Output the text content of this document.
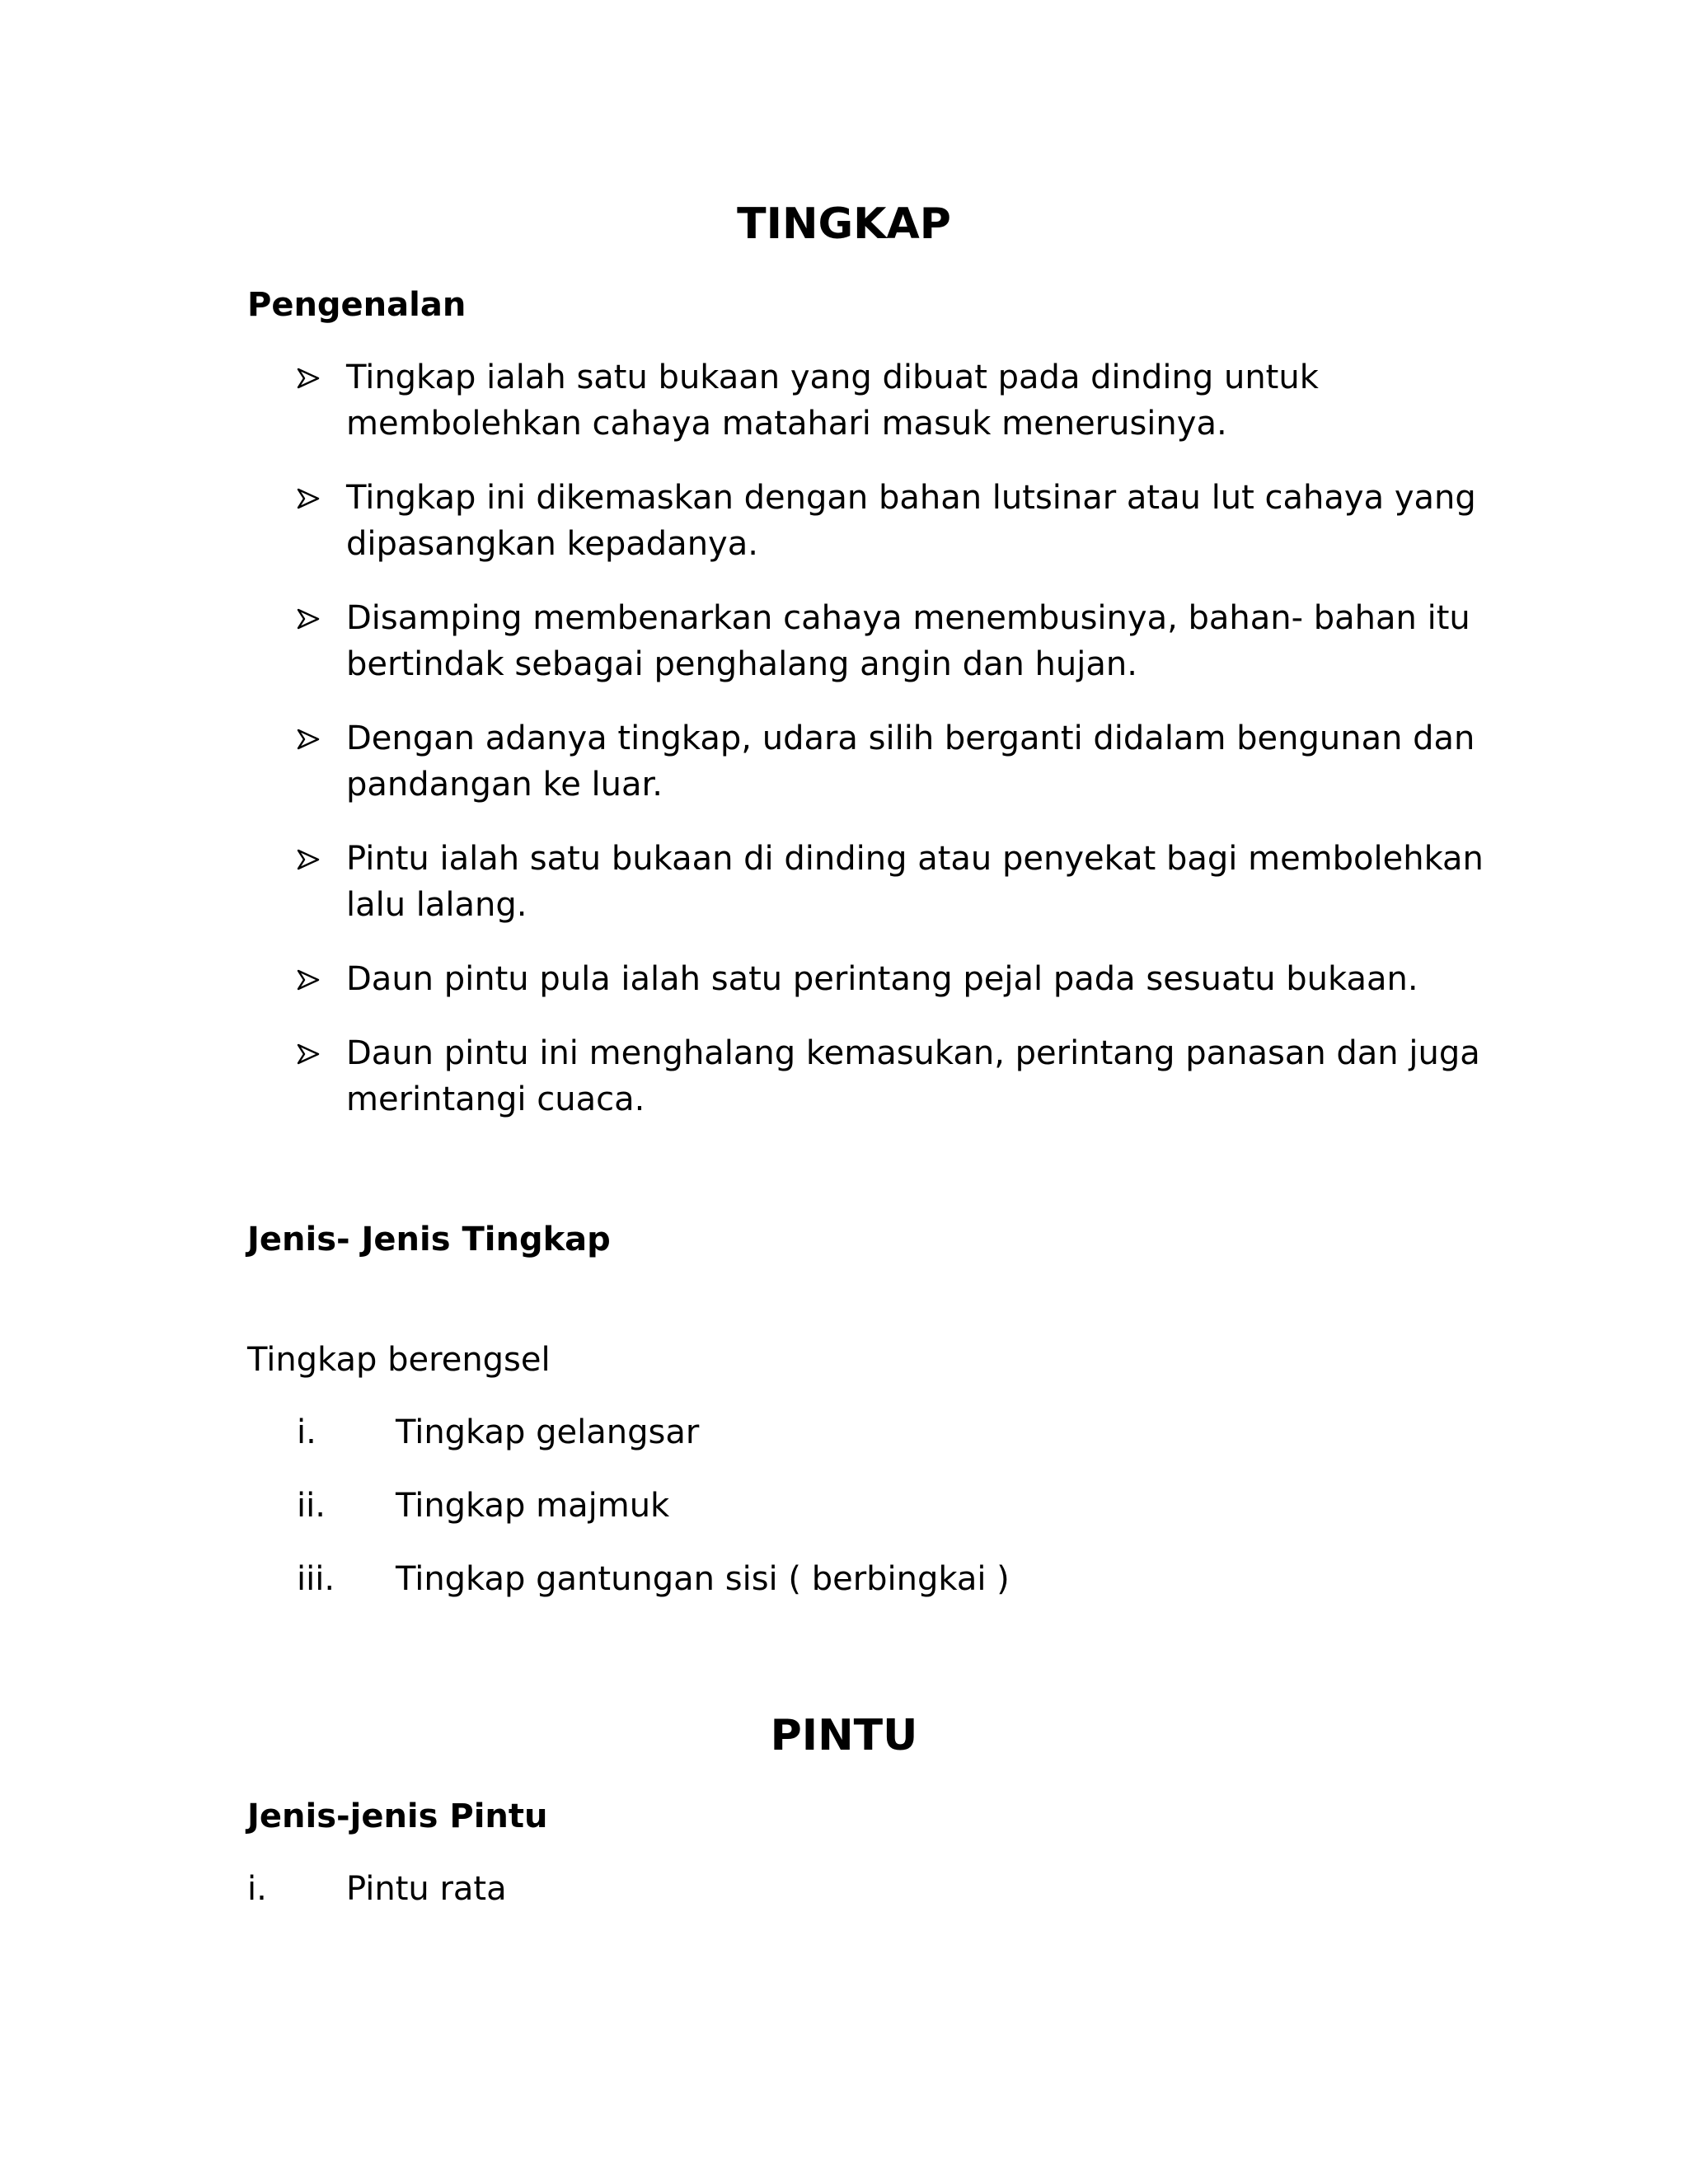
TINGKAP
Pengenalan
Tingkap ialah satu bukaan yang dibuat pada dinding untuk membolehkan cahaya matahari masuk menerusinya.
Tingkap ini dikemaskan dengan bahan lutsinar atau lut cahaya yang dipasangkan kepadanya.
Disamping membenarkan cahaya menembusinya, bahan- bahan itu bertindak sebagai penghalang angin dan hujan.
Dengan adanya tingkap, udara silih berganti didalam bengunan dan pandangan ke luar.
Pintu ialah satu bukaan di dinding atau penyekat bagi membolehkan lalu lalang.
Daun pintu pula ialah satu perintang pejal pada sesuatu bukaan.
Daun pintu ini menghalang kemasukan, perintang panasan dan juga merintangi cuaca.
Jenis- Jenis Tingkap

Tingkap berengsel

i. Tingkap gelangsar
ii. Tingkap majmuk
iii. Tingkap gantungan sisi ( berbingkai )
PINTU
Jenis-jenis Pintu
i. Pintu rata
